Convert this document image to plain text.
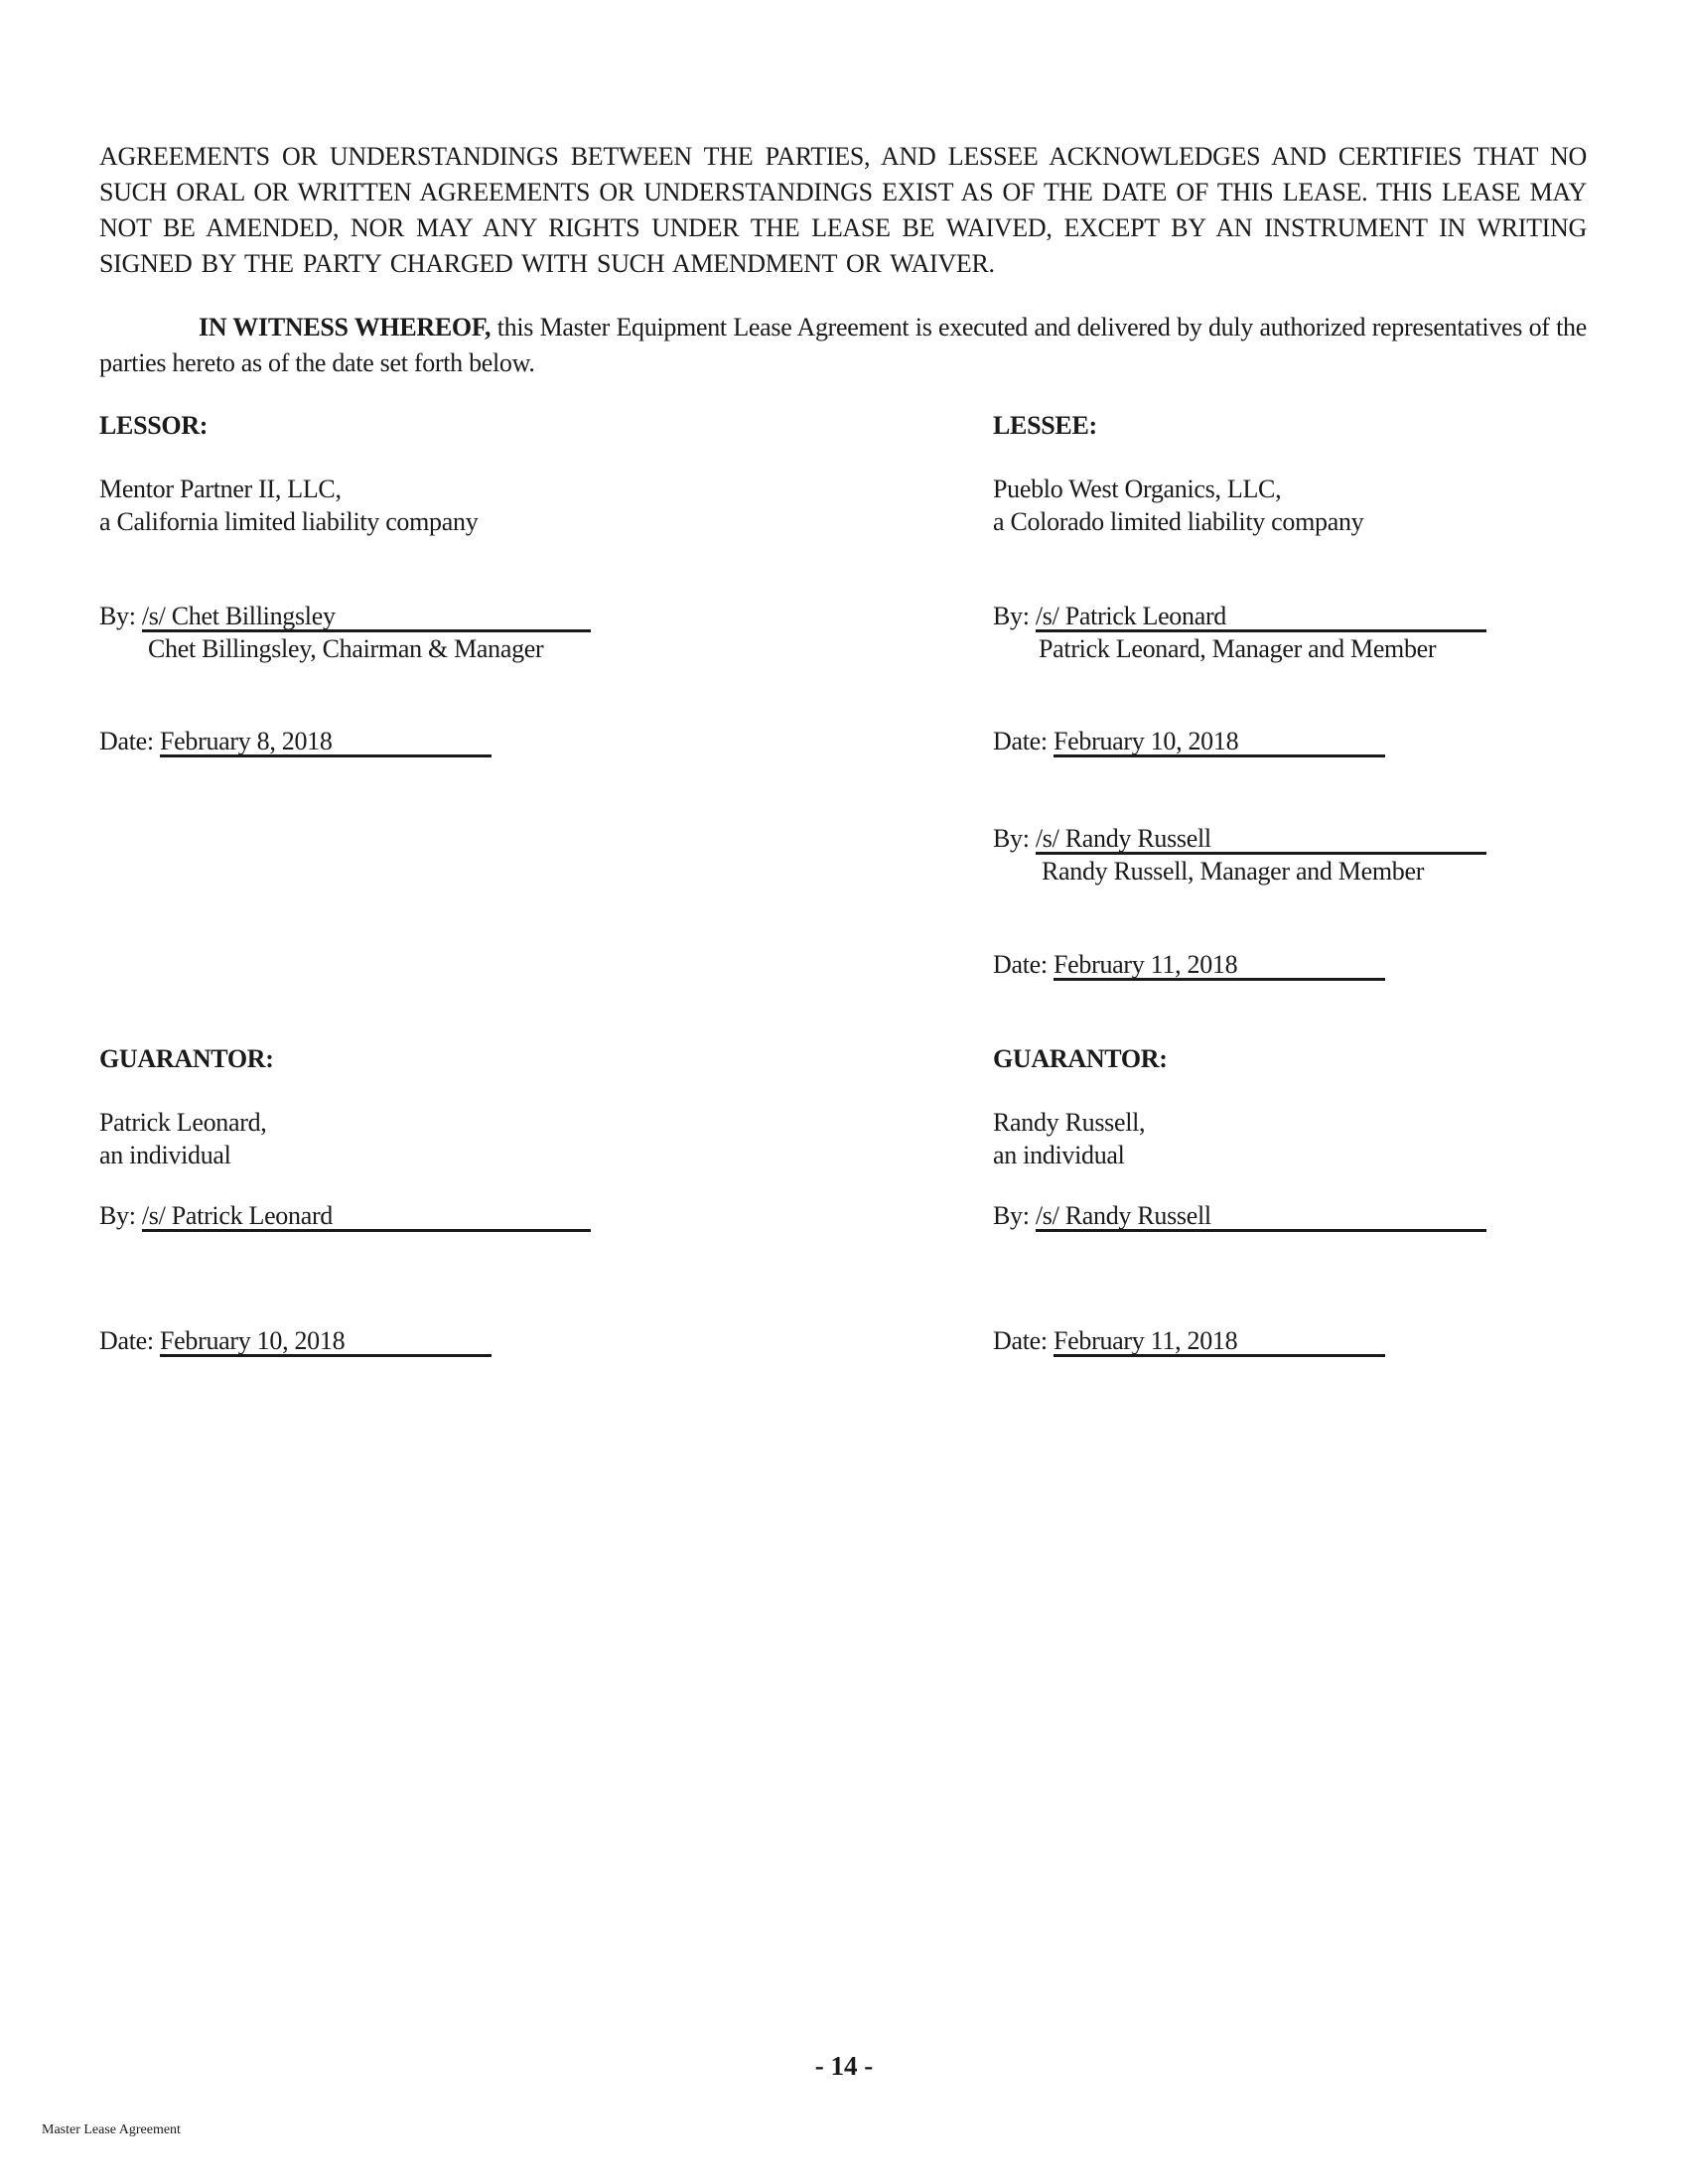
AGREEMENTS OR UNDERSTANDINGS BETWEEN THE PARTIES, AND LESSEE ACKNOWLEDGES AND CERTIFIES THAT NO SUCH ORAL OR WRITTEN AGREEMENTS OR UNDERSTANDINGS EXIST AS OF THE DATE OF THIS LEASE. THIS LEASE MAY NOT BE AMENDED, NOR MAY ANY RIGHTS UNDER THE LEASE BE WAIVED, EXCEPT BY AN INSTRUMENT IN WRITING SIGNED BY THE PARTY CHARGED WITH SUCH AMENDMENT OR WAIVER.

IN WITNESS WHEREOF, this Master Equipment Lease Agreement is executed and delivered by duly authorized representatives of the parties hereto as of the date set forth below.

LESSOR:
Mentor Partner II, LLC,
a California limited liability company
By: /s/ Chet Billingsley
Chet Billingsley, Chairman & Manager
Date: February 8, 2018
LESSEE:
Pueblo West Organics, LLC,
a Colorado limited liability company
By: /s/ Patrick Leonard
Patrick Leonard, Manager and Member
Date: February 10, 2018
By: /s/ Randy Russell
Randy Russell, Manager and Member
Date: February 11, 2018
GUARANTOR:
Patrick Leonard,
an individual
By: /s/ Patrick Leonard
Date: February 10, 2018
GUARANTOR:
Randy Russell,
an individual
By: /s/ Randy Russell
Date: February 11, 2018
- 14 -
Master Lease Agreement
